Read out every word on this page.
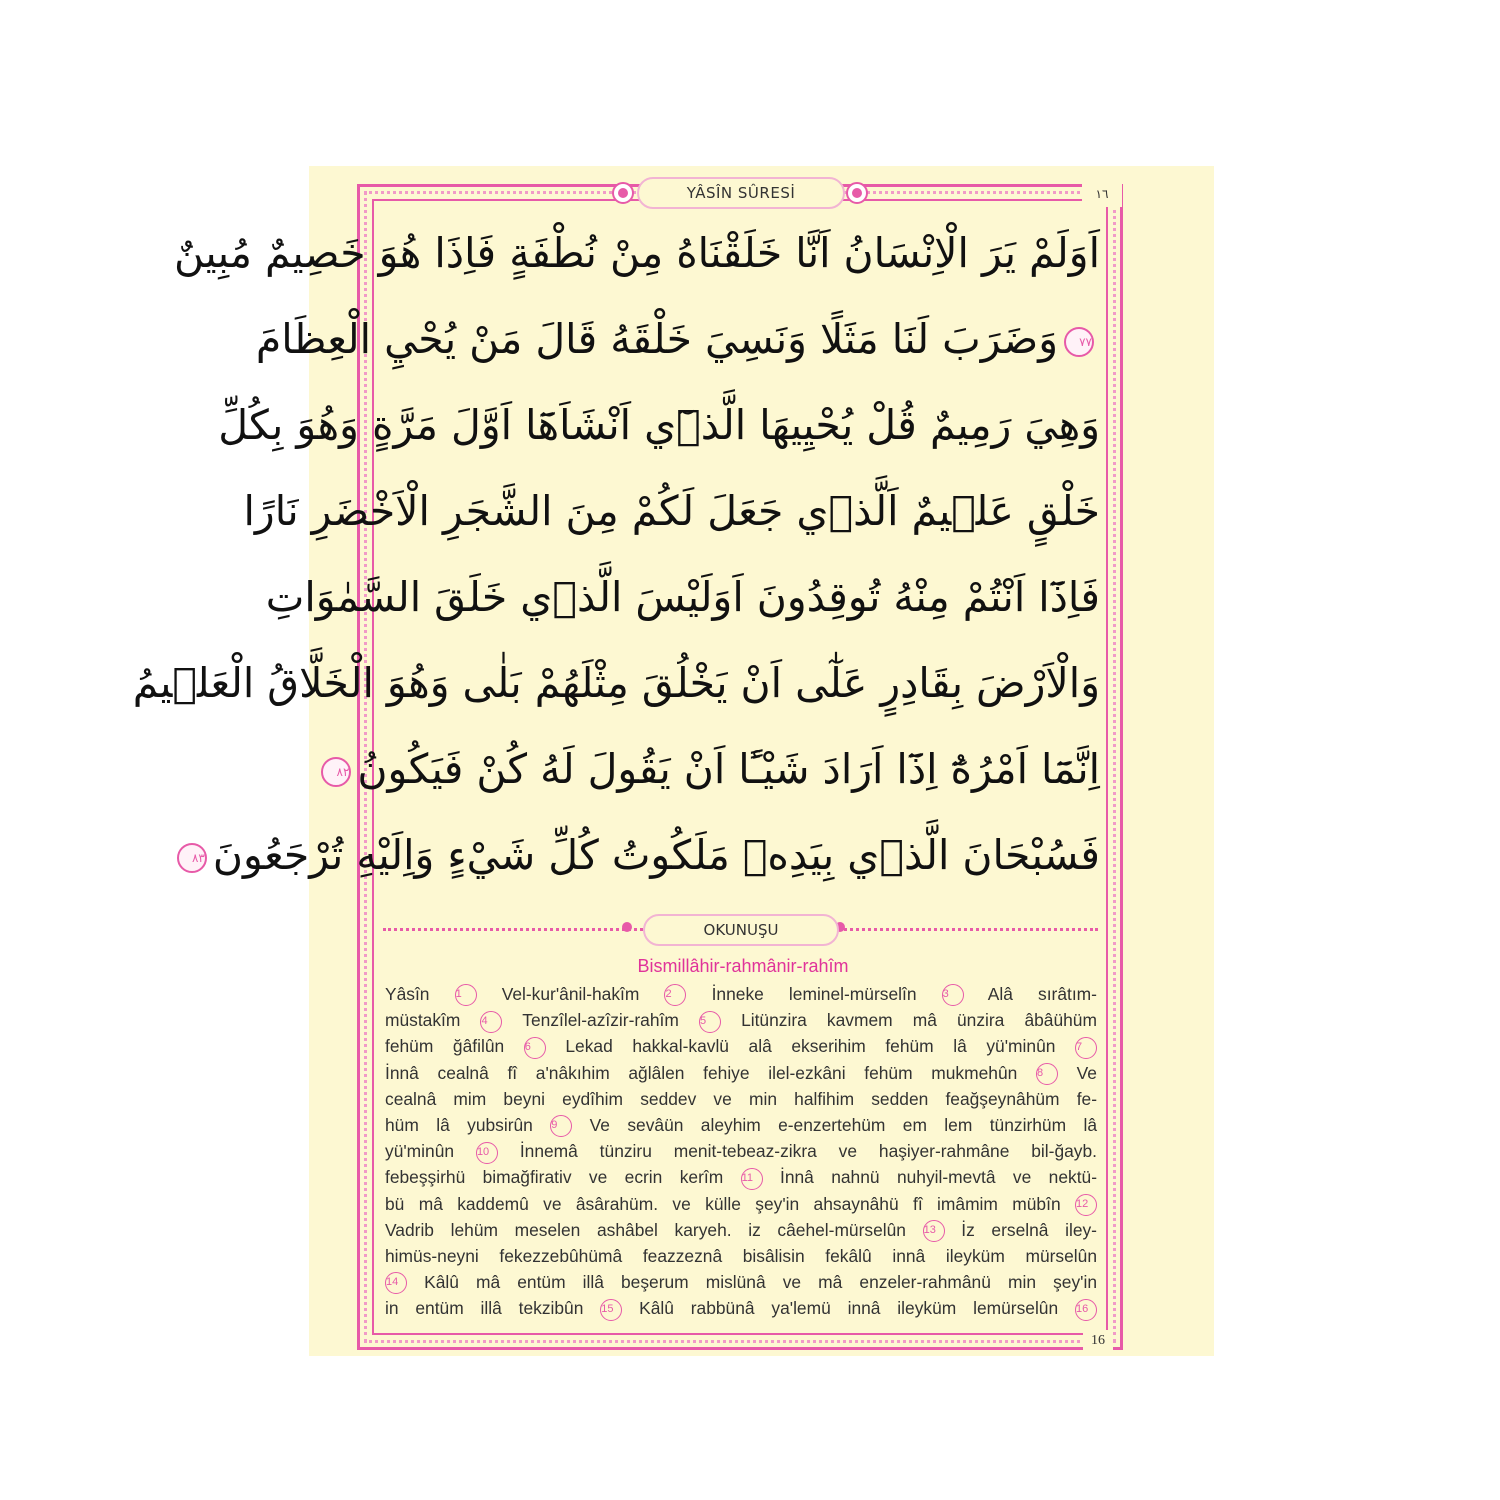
YÂSÎN SÛRESİ	١٦
اَوَلَمْ يَرَ الْاِنْسَانُ اَنَّا خَلَقْنَاهُ مِنْ نُطْفَةٍ فَاِذَا هُوَ خَصِيمٌ مُبِينٌ
٧٧وَضَرَبَ لَنَا مَثَلًا وَنَسِيَ خَلْقَهُ قَالَ مَنْ يُحْيِ الْعِظَامَ
وَهِيَ رَمِيمٌ قُلْ يُحْيِيهَا الَّذ۪ٓي اَنْشَاَهَٓا اَوَّلَ مَرَّةٍ وَهُوَ بِكُلِّ
خَلْقٍ عَل۪يمٌ اَلَّذ۪ي جَعَلَ لَكُمْ مِنَ الشَّجَرِ الْاَخْضَرِ نَارًا
فَاِذَٓا اَنْتُمْ مِنْهُ تُوقِدُونَ اَوَلَيْسَ الَّذ۪ي خَلَقَ السَّمٰوَاتِ
وَالْاَرْضَ بِقَادِرٍ عَلٰٓى اَنْ يَخْلُقَ مِثْلَهُمْ بَلٰى وَهُوَ الْخَلَّاقُ الْعَل۪يمُ
اِنَّمَٓا اَمْرُهُٓ اِذَٓا اَرَادَ شَيْـًٔا اَنْ يَقُولَ لَهُ كُنْ فَيَكُونُ٨٢
فَسُبْحَانَ الَّذ۪ي بِيَدِه۪ مَلَكُوتُ كُلِّ شَيْءٍ وَاِلَيْهِ تُرْجَعُونَ٨٣
OKUNUŞU
Bismillâhir-rahmânir-rahîm
Yâsîn 1 Vel-kur'ânil-hakîm 2 İnneke leminel-mürselîn 3 Alâ sırâtım-
müstakîm 4 Tenzîlel-azîzir-rahîm 5 Litünzira kavmem mâ ünzira âbâühüm
fehüm ğâfilûn 6 Lekad hakkal-kavlü alâ ekserihim fehüm lâ yü'minûn 7
İnnâ cealnâ fî a'nâkıhim ağlâlen fehiye ilel-ezkâni fehüm mukmehûn 8 Ve
cealnâ mim beyni eydîhim seddev ve min halfihim sedden feağşeynâhüm fe-
hüm lâ yubsirûn 9 Ve sevâün aleyhim e-enzertehüm em lem tünzirhüm lâ
yü'minûn 10 İnnemâ tünziru menit-tebeaz-zikra ve haşiyer-rahmâne bil-ğayb.
febeşşirhü bimağfirativ ve ecrin kerîm 11 İnnâ nahnü nuhyil-mevtâ ve nektü-
bü mâ kaddemû ve âsârahüm. ve külle şey'in ahsaynâhü fî imâmim mübîn 12
Vadrib lehüm meselen ashâbel karyeh. iz câehel-mürselûn 13 İz erselnâ iley-
himüs-neyni fekezzebûhümâ feazzeznâ bisâlisin fekâlû innâ ileyküm mürselûn
14 Kâlû mâ entüm illâ beşerum mislünâ ve mâ enzeler-rahmânü min şey'in
in entüm illâ tekzibûn 15 Kâlû rabbünâ ya'lemü innâ ileyküm lemürselûn 16
16
